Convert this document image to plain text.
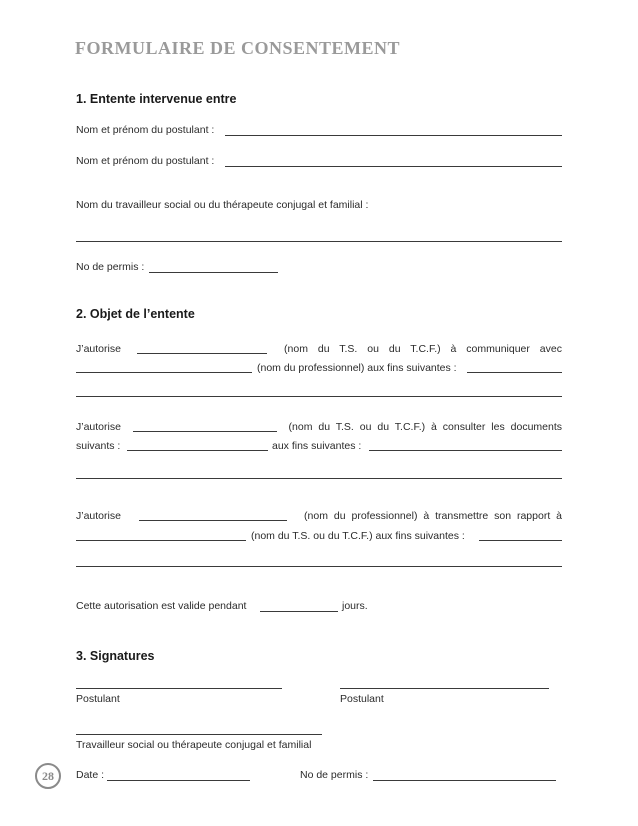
FORMULAIRE DE CONSENTEMENT
1. Entente intervenue entre
Nom et prénom du postulant :
Nom et prénom du postulant :
Nom du travailleur social ou du thérapeute conjugal et familial :
No de permis :
2. Objet de l’entente
J’autorise	(nom du T.S. ou du T.C.F.) à communiquer avec
(nom du professionnel) aux fins suivantes :
J’autorise	(nom du T.S. ou du T.C.F.) à consulter les documents
suivants :	aux fins suivantes :
J’autorise	(nom du professionnel) à transmettre son rapport à
(nom du T.S. ou du T.C.F.) aux fins suivantes :
Cette autorisation est valide pendant	jours.
3. Signatures
Postulant	Postulant
Travailleur social ou thérapeute conjugal et familial
28 Date :	No de permis :
